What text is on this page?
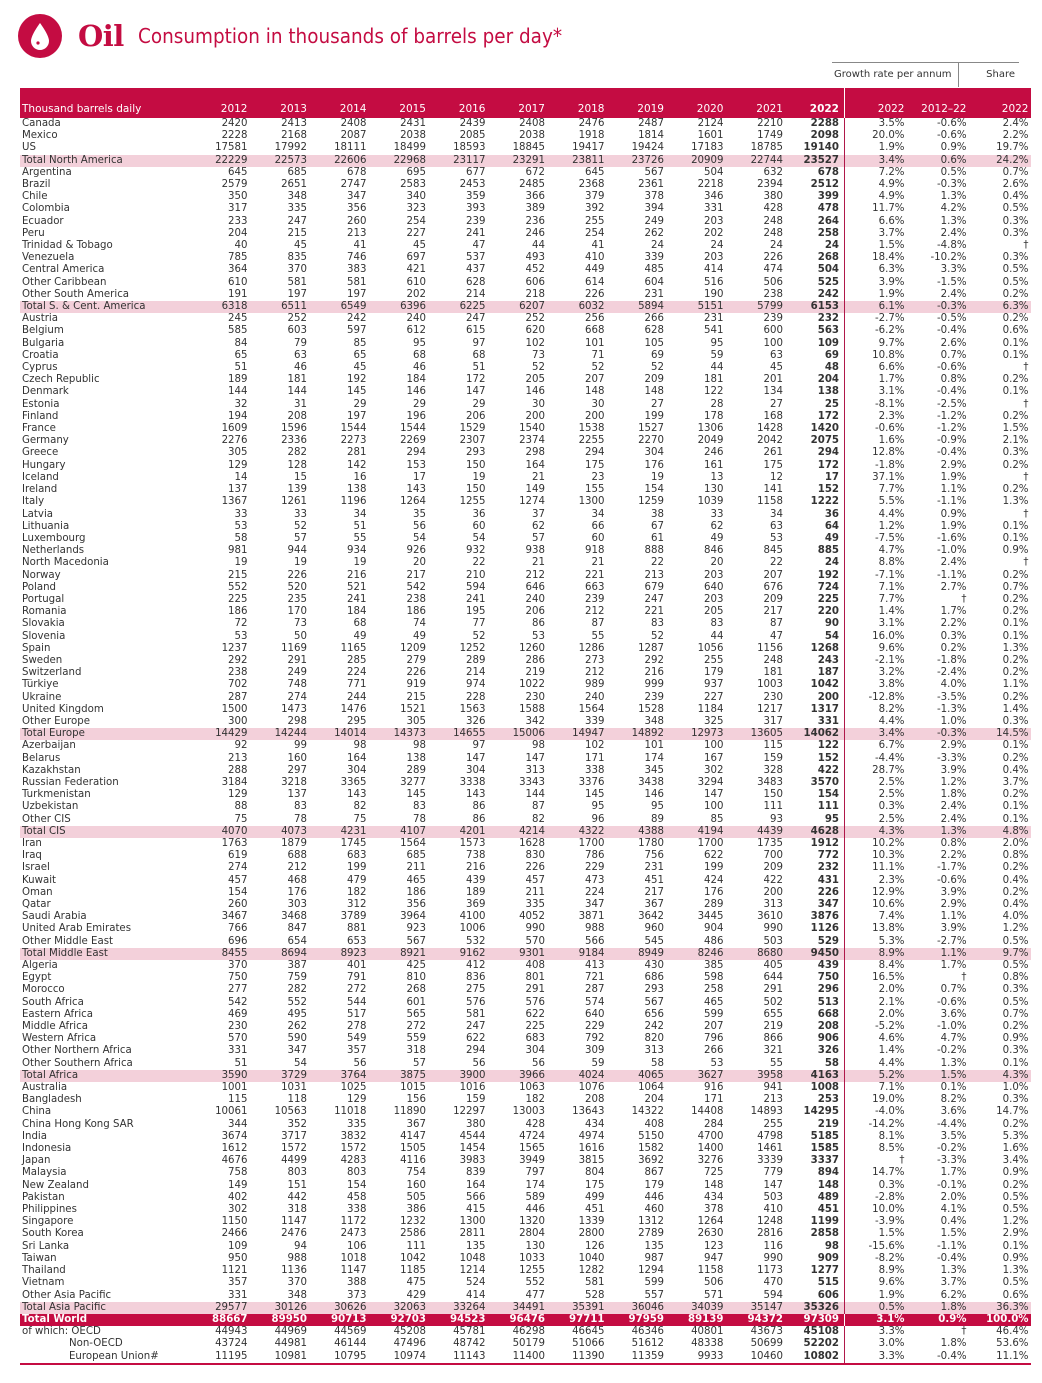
Oil Consumption in thousands of barrels per day*
Growth rate per annum	Share
Thousand barrels daily	2012	2013	2014	2015	2016	2017	2018	2019	2020	2021	2022	2022	2012–22	2022
Canada	2420	2413	2408	2431	2439	2408	2476	2487	2124	2210	2288	3.5%	-0.6%	2.4%
Mexico	2228	2168	2087	2038	2085	2038	1918	1814	1601	1749	2098	20.0%	-0.6%	2.2%
US	17581	17992	18111	18499	18593	18845	19417	19424	17183	18785	19140	1.9%	0.9%	19.7%
Total North America	22229	22573	22606	22968	23117	23291	23811	23726	20909	22744	23527	3.4%	0.6%	24.2%
Argentina	645	685	678	695	677	672	645	567	504	632	678	7.2%	0.5%	0.7%
Brazil	2579	2651	2747	2583	2453	2485	2368	2361	2218	2394	2512	4.9%	-0.3%	2.6%
Chile	350	348	347	340	359	366	379	378	346	380	399	4.9%	1.3%	0.4%
Colombia	317	335	356	323	393	389	392	394	331	428	478	11.7%	4.2%	0.5%
Ecuador	233	247	260	254	239	236	255	249	203	248	264	6.6%	1.3%	0.3%
Peru	204	215	213	227	241	246	254	262	202	248	258	3.7%	2.4%	0.3%
Trinidad & Tobago	40	45	41	45	47	44	41	24	24	24	24	1.5%	-4.8%	†
Venezuela	785	835	746	697	537	493	410	339	203	226	268	18.4%	-10.2%	0.3%
Central America	364	370	383	421	437	452	449	485	414	474	504	6.3%	3.3%	0.5%
Other Caribbean	610	581	581	610	628	606	614	604	516	506	525	3.9%	-1.5%	0.5%
Other South America	191	197	197	202	214	218	226	231	190	238	242	1.9%	2.4%	0.2%
Total S. & Cent. America	6318	6511	6549	6396	6225	6207	6032	5894	5151	5799	6153	6.1%	-0.3%	6.3%
Austria	245	252	242	240	247	252	256	266	231	239	232	-2.7%	-0.5%	0.2%
Belgium	585	603	597	612	615	620	668	628	541	600	563	-6.2%	-0.4%	0.6%
Bulgaria	84	79	85	95	97	102	101	105	95	100	109	9.7%	2.6%	0.1%
Croatia	65	63	65	68	68	73	71	69	59	63	69	10.8%	0.7%	0.1%
Cyprus	51	46	45	46	51	52	52	52	44	45	48	6.6%	-0.6%	†
Czech Republic	189	181	192	184	172	205	207	209	181	201	204	1.7%	0.8%	0.2%
Denmark	144	144	145	146	147	146	148	148	122	134	138	3.1%	-0.4%	0.1%
Estonia	32	31	29	29	29	30	30	27	28	27	25	-8.1%	-2.5%	†
Finland	194	208	197	196	206	200	200	199	178	168	172	2.3%	-1.2%	0.2%
France	1609	1596	1544	1544	1529	1540	1538	1527	1306	1428	1420	-0.6%	-1.2%	1.5%
Germany	2276	2336	2273	2269	2307	2374	2255	2270	2049	2042	2075	1.6%	-0.9%	2.1%
Greece	305	282	281	294	293	298	294	304	246	261	294	12.8%	-0.4%	0.3%
Hungary	129	128	142	153	150	164	175	176	161	175	172	-1.8%	2.9%	0.2%
Iceland	14	15	16	17	19	21	23	19	13	12	17	37.1%	1.9%	†
Ireland	137	139	138	143	150	149	155	154	130	141	152	7.7%	1.1%	0.2%
Italy	1367	1261	1196	1264	1255	1274	1300	1259	1039	1158	1222	5.5%	-1.1%	1.3%
Latvia	33	33	34	35	36	37	34	38	33	34	36	4.4%	0.9%	†
Lithuania	53	52	51	56	60	62	66	67	62	63	64	1.2%	1.9%	0.1%
Luxembourg	58	57	55	54	54	57	60	61	49	53	49	-7.5%	-1.6%	0.1%
Netherlands	981	944	934	926	932	938	918	888	846	845	885	4.7%	-1.0%	0.9%
North Macedonia	19	19	19	20	22	21	21	22	20	22	24	8.8%	2.4%	†
Norway	215	226	216	217	210	212	221	213	203	207	192	-7.1%	-1.1%	0.2%
Poland	552	520	521	542	594	646	663	679	640	676	724	7.1%	2.7%	0.7%
Portugal	225	235	241	238	241	240	239	247	203	209	225	7.7%	†	0.2%
Romania	186	170	184	186	195	206	212	221	205	217	220	1.4%	1.7%	0.2%
Slovakia	72	73	68	74	77	86	87	83	83	87	90	3.1%	2.2%	0.1%
Slovenia	53	50	49	49	52	53	55	52	44	47	54	16.0%	0.3%	0.1%
Spain	1237	1169	1165	1209	1252	1260	1286	1287	1056	1156	1268	9.6%	0.2%	1.3%
Sweden	292	291	285	279	289	286	273	292	255	248	243	-2.1%	-1.8%	0.2%
Switzerland	238	249	224	226	214	219	212	216	179	181	187	3.2%	-2.4%	0.2%
Türkiye	702	748	771	919	974	1022	989	999	937	1003	1042	3.8%	4.0%	1.1%
Ukraine	287	274	244	215	228	230	240	239	227	230	200	-12.8%	-3.5%	0.2%
United Kingdom	1500	1473	1476	1521	1563	1588	1564	1528	1184	1217	1317	8.2%	-1.3%	1.4%
Other Europe	300	298	295	305	326	342	339	348	325	317	331	4.4%	1.0%	0.3%
Total Europe	14429	14244	14014	14373	14655	15006	14947	14892	12973	13605	14062	3.4%	-0.3%	14.5%
Azerbaijan	92	99	98	98	97	98	102	101	100	115	122	6.7%	2.9%	0.1%
Belarus	213	160	164	138	147	147	171	174	167	159	152	-4.4%	-3.3%	0.2%
Kazakhstan	288	297	304	289	304	313	338	345	302	328	422	28.7%	3.9%	0.4%
Russian Federation	3184	3218	3365	3277	3338	3343	3376	3438	3294	3483	3570	2.5%	1.2%	3.7%
Turkmenistan	129	137	143	145	143	144	145	146	147	150	154	2.5%	1.8%	0.2%
Uzbekistan	88	83	82	83	86	87	95	95	100	111	111	0.3%	2.4%	0.1%
Other CIS	75	78	75	78	86	82	96	89	85	93	95	2.5%	2.4%	0.1%
Total CIS	4070	4073	4231	4107	4201	4214	4322	4388	4194	4439	4628	4.3%	1.3%	4.8%
Iran	1763	1879	1745	1564	1573	1628	1700	1780	1700	1735	1912	10.2%	0.8%	2.0%
Iraq	619	688	683	685	738	830	786	756	622	700	772	10.3%	2.2%	0.8%
Israel	274	212	199	211	216	226	229	231	199	209	232	11.1%	-1.7%	0.2%
Kuwait	457	468	479	465	439	457	473	451	424	422	431	2.3%	-0.6%	0.4%
Oman	154	176	182	186	189	211	224	217	176	200	226	12.9%	3.9%	0.2%
Qatar	260	303	312	356	369	335	347	367	289	313	347	10.6%	2.9%	0.4%
Saudi Arabia	3467	3468	3789	3964	4100	4052	3871	3642	3445	3610	3876	7.4%	1.1%	4.0%
United Arab Emirates	766	847	881	923	1006	990	988	960	904	990	1126	13.8%	3.9%	1.2%
Other Middle East	696	654	653	567	532	570	566	545	486	503	529	5.3%	-2.7%	0.5%
Total Middle East	8455	8694	8923	8921	9162	9301	9184	8949	8246	8680	9450	8.9%	1.1%	9.7%
Algeria	370	387	401	425	412	408	413	430	385	405	439	8.4%	1.7%	0.5%
Egypt	750	759	791	810	836	801	721	686	598	644	750	16.5%	†	0.8%
Morocco	277	282	272	268	275	291	287	293	258	291	296	2.0%	0.7%	0.3%
South Africa	542	552	544	601	576	576	574	567	465	502	513	2.1%	-0.6%	0.5%
Eastern Africa	469	495	517	565	581	622	640	656	599	655	668	2.0%	3.6%	0.7%
Middle Africa	230	262	278	272	247	225	229	242	207	219	208	-5.2%	-1.0%	0.2%
Western Africa	570	590	549	559	622	683	792	820	796	866	906	4.6%	4.7%	0.9%
Other Northern Africa	331	347	357	318	294	304	309	313	266	321	326	1.4%	-0.2%	0.3%
Other Southern Africa	51	54	56	57	56	56	59	58	53	55	58	4.4%	1.3%	0.1%
Total Africa	3590	3729	3764	3875	3900	3966	4024	4065	3627	3958	4163	5.2%	1.5%	4.3%
Australia	1001	1031	1025	1015	1016	1063	1076	1064	916	941	1008	7.1%	0.1%	1.0%
Bangladesh	115	118	129	156	159	182	208	204	171	213	253	19.0%	8.2%	0.3%
China	10061	10563	11018	11890	12297	13003	13643	14322	14408	14893	14295	-4.0%	3.6%	14.7%
China Hong Kong SAR	344	352	335	367	380	428	434	408	284	255	219	-14.2%	-4.4%	0.2%
India	3674	3717	3832	4147	4544	4724	4974	5150	4700	4798	5185	8.1%	3.5%	5.3%
Indonesia	1612	1572	1572	1505	1454	1565	1616	1582	1400	1461	1585	8.5%	-0.2%	1.6%
Japan	4676	4499	4283	4116	3983	3949	3815	3692	3276	3339	3337	†	-3.3%	3.4%
Malaysia	758	803	803	754	839	797	804	867	725	779	894	14.7%	1.7%	0.9%
New Zealand	149	151	154	160	164	174	175	179	148	147	148	0.3%	-0.1%	0.2%
Pakistan	402	442	458	505	566	589	499	446	434	503	489	-2.8%	2.0%	0.5%
Philippines	302	318	338	386	415	446	451	460	378	410	451	10.0%	4.1%	0.5%
Singapore	1150	1147	1172	1232	1300	1320	1339	1312	1264	1248	1199	-3.9%	0.4%	1.2%
South Korea	2466	2476	2473	2586	2811	2804	2800	2789	2630	2816	2858	1.5%	1.5%	2.9%
Sri Lanka	109	94	106	111	135	130	126	135	123	116	98	-15.6%	-1.1%	0.1%
Taiwan	950	988	1018	1042	1048	1033	1040	987	947	990	909	-8.2%	-0.4%	0.9%
Thailand	1121	1136	1147	1185	1214	1255	1282	1294	1158	1173	1277	8.9%	1.3%	1.3%
Vietnam	357	370	388	475	524	552	581	599	506	470	515	9.6%	3.7%	0.5%
Other Asia Pacific	331	348	373	429	414	477	528	557	571	594	606	1.9%	6.2%	0.6%
Total Asia Pacific	29577	30126	30626	32063	33264	34491	35391	36046	34039	35147	35326	0.5%	1.8%	36.3%
Total World	88667	89950	90713	92703	94523	96476	97711	97959	89139	94372	97309	3.1%	0.9%	100.0%
of which: OECD	44943	44969	44569	45208	45781	46298	46645	46346	40801	43673	45108	3.3%	†	46.4%
Non-OECD	43724	44981	46144	47496	48742	50179	51066	51612	48338	50699	52202	3.0%	1.8%	53.6%
European Union#	11195	10981	10795	10974	11143	11400	11390	11359	9933	10460	10802	3.3%	-0.4%	11.1%
